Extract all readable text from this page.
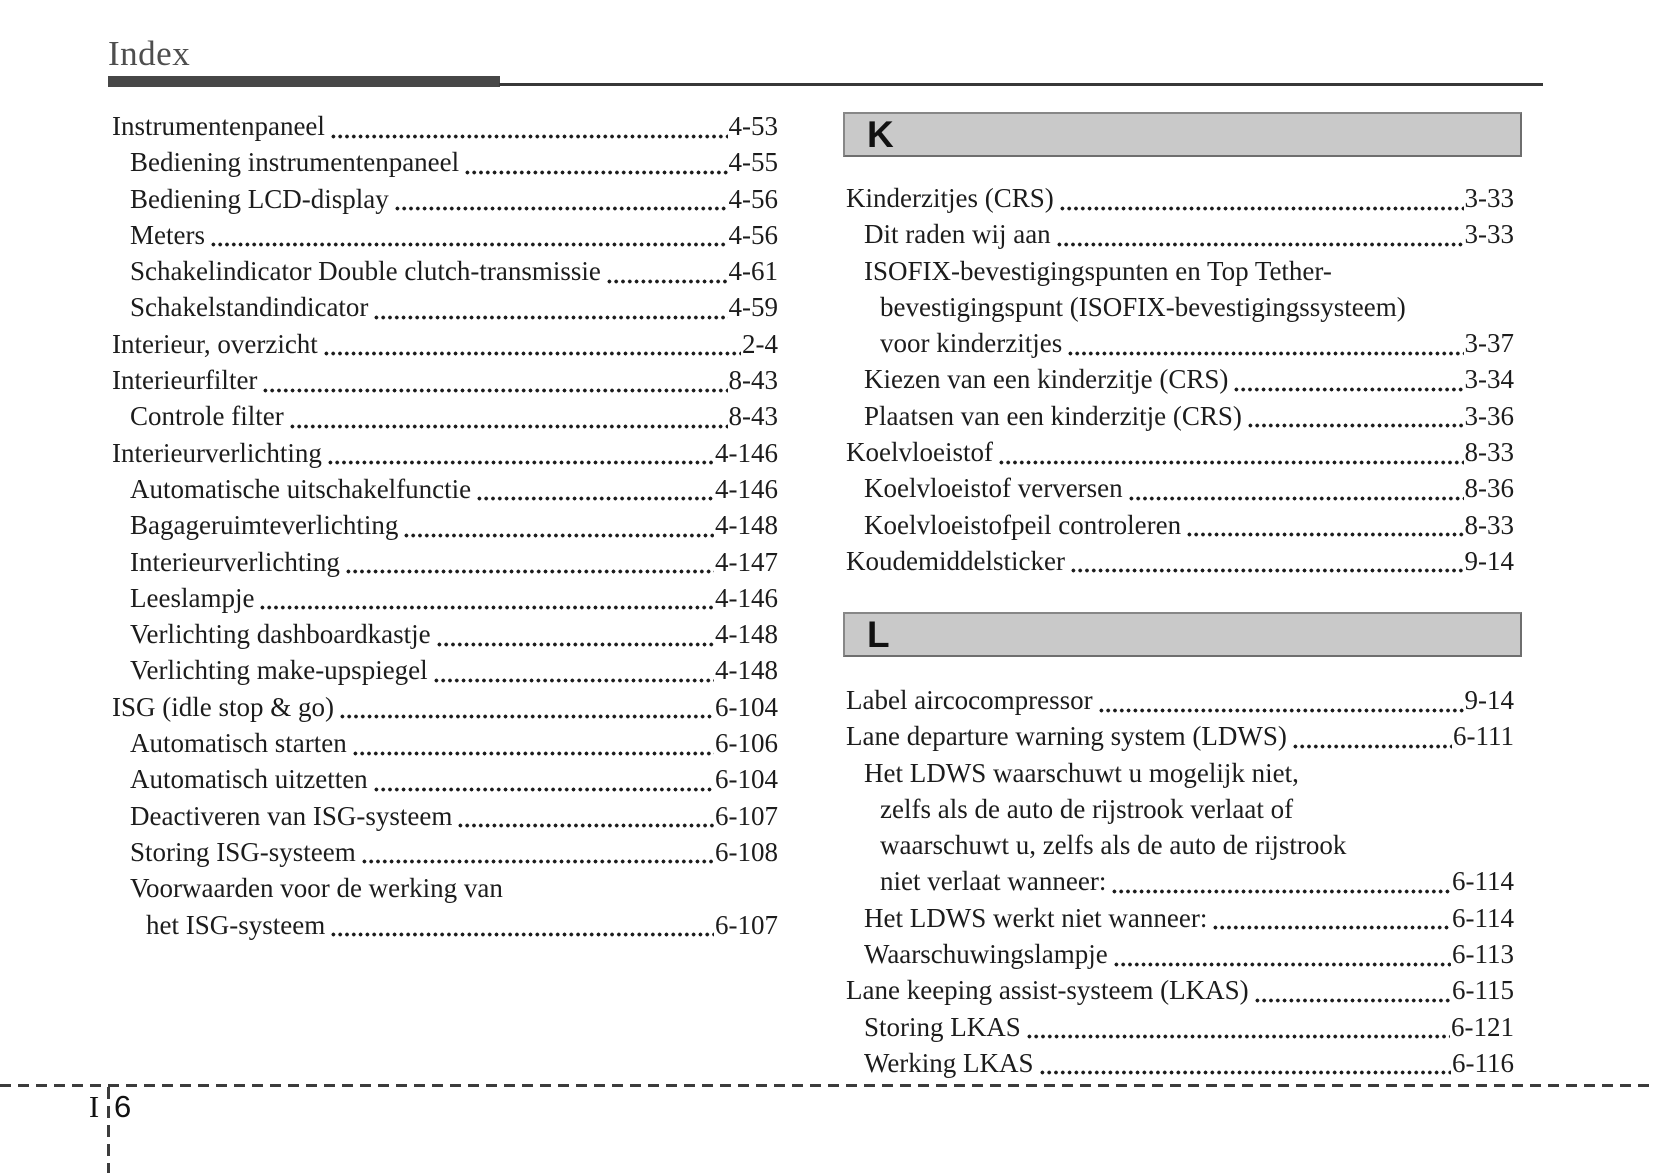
Index
Instrumentenpaneel	4-53
Bediening instrumentenpaneel	4-55
Bediening LCD-display	4-56
Meters	4-56
Schakelindicator Double clutch-transmissie	4-61
Schakelstandindicator	4-59
Interieur, overzicht	2-4
Interieurfilter	8-43
Controle filter	8-43
Interieurverlichting	4-146
Automatische uitschakelfunctie	4-146
Bagageruimteverlichting	4-148
Interieurverlichting	4-147
Leeslampje	4-146
Verlichting dashboardkastje	4-148
Verlichting make-upspiegel	4-148
ISG (idle stop & go)	6-104
Automatisch starten	6-106
Automatisch uitzetten	6-104
Deactiveren van ISG-systeem	6-107
Storing ISG-systeem	6-108
Voorwaarden voor de werking van
het ISG-systeem	6-107
K
Kinderzitjes (CRS)	3-33
Dit raden wij aan	3-33
ISOFIX-bevestigingspunten en Top Tether-
bevestigingspunt (ISOFIX-bevestigingssysteem)
voor kinderzitjes	3-37
Kiezen van een kinderzitje (CRS)	3-34
Plaatsen van een kinderzitje (CRS)	3-36
Koelvloeistof	8-33
Koelvloeistof verversen	8-36
Koelvloeistofpeil controleren	8-33
Koudemiddelsticker	9-14
L
Label aircocompressor	9-14
Lane departure warning system (LDWS)	6-111
Het LDWS waarschuwt u mogelijk niet,
zelfs als de auto de rijstrook verlaat of
waarschuwt u, zelfs als de auto de rijstrook
niet verlaat wanneer:	6-114
Het LDWS werkt niet wanneer:	6-114
Waarschuwingslampje	6-113
Lane keeping assist-systeem (LKAS)	6-115
Storing LKAS	6-121
Werking LKAS	6-116
I 6
